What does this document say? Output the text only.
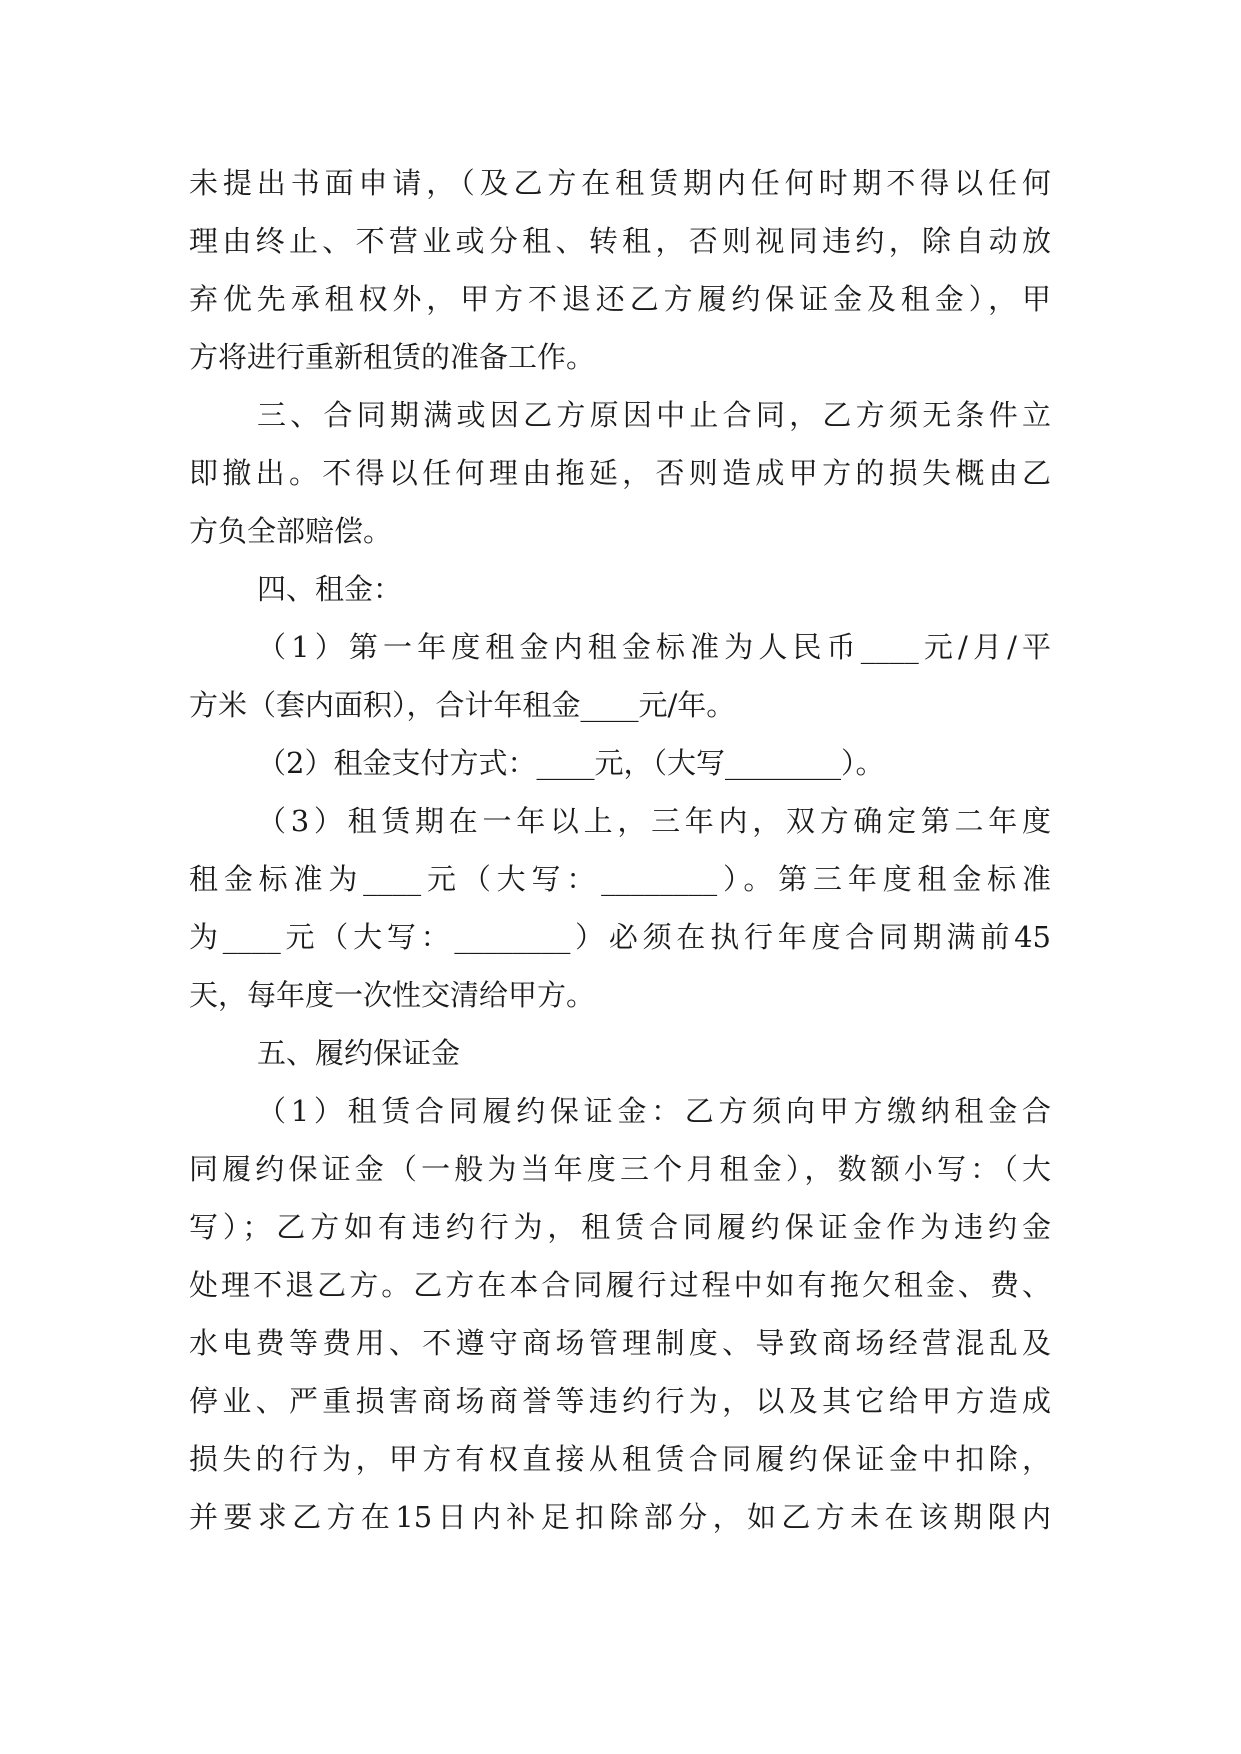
未提出书面申请，（及乙方在租赁期内任何时期不得以任何
理由终止、不营业或分租、转租，否则视同违约，除自动放
弃优先承租权外，甲方不退还乙方履约保证金及租金），甲
方将进行重新租赁的准备工作。
三、合同期满或因乙方原因中止合同，乙方须无条件立
即撤出。不得以任何理由拖延，否则造成甲方的损失概由乙
方负全部赔偿。
四、租金：
（1）第一年度租金内租金标准为人民币____元/月/平
方米（套内面积），合计年租金____元/年。
（2）租金支付方式：____元，（大写________）。
（3）租赁期在一年以上，三年内，双方确定第二年度
租金标准为____元（大写：________）。第三年度租金标准
为____元（大写：________）必须在执行年度合同期满前45
天，每年度一次性交清给甲方。
五、履约保证金
（1）租赁合同履约保证金：乙方须向甲方缴纳租金合
同履约保证金（一般为当年度三个月租金），数额小写：（大
写）；乙方如有违约行为，租赁合同履约保证金作为违约金
处理不退乙方。乙方在本合同履行过程中如有拖欠租金、费、
水电费等费用、不遵守商场管理制度、导致商场经营混乱及
停业、严重损害商场商誉等违约行为，以及其它给甲方造成
损失的行为，甲方有权直接从租赁合同履约保证金中扣除，
并要求乙方在15日内补足扣除部分，如乙方未在该期限内
